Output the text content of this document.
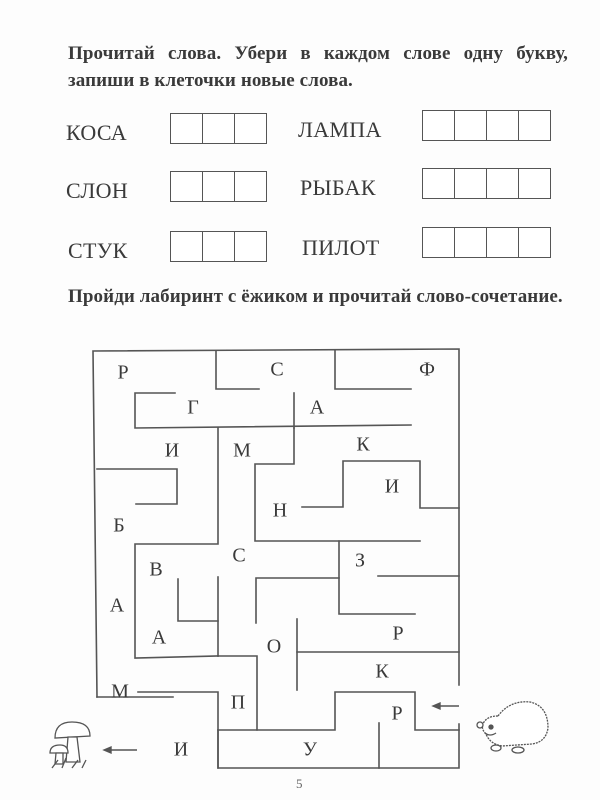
Прочитай слова. Убери в каждом слове одну букву, запиши в клеточки новые слова.
КОСА	ЛАМПА
СЛОН	РЫБАК
СТУК	ПИЛОТ
Пройди лабиринт с ёжиком и прочитай слово-сочетание.
Р	С	Ф
Г	А
И	М	К
И
Н
Б
С	З
В
А
А	Р
О
К
М	П	Р
И	У
5
